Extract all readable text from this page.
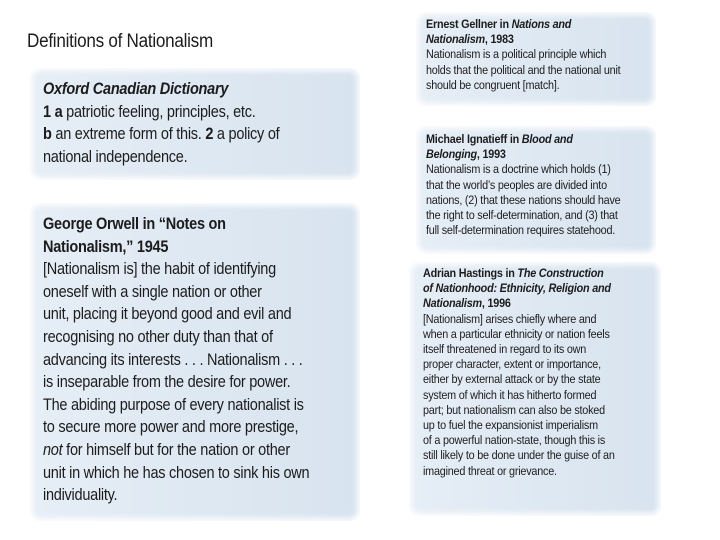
Definitions of Nationalism

Oxford Canadian Dictionary

1 a patriotic feeling, principles, etc.

b an extreme form of this. 2 a policy of

national independence.

George Orwell in “Notes on

Nationalism,” 1945

[Nationalism is] the habit of identifying

oneself with a single nation or other

unit, placing it beyond good and evil and

recognising no other duty than that of

advancing its interests . . . Nationalism . . .

is inseparable from the desire for power.

The abiding purpose of every nationalist is

to secure more power and more prestige,

not for himself but for the nation or other

unit in which he has chosen to sink his own

individuality.

Ernest Gellner in Nations and

Nationalism, 1983

Nationalism is a political principle which

holds that the political and the national unit

should be congruent [match].

Michael Ignatieff in Blood and

Belonging, 1993

Nationalism is a doctrine which holds (1)

that the world’s peoples are divided into

nations, (2) that these nations should have

the right to self-determination, and (3) that

full self-determination requires statehood.

Adrian Hastings in The Construction

of Nationhood: Ethnicity, Religion and

Nationalism, 1996

[Nationalism] arises chiefly where and

when a particular ethnicity or nation feels

itself threatened in regard to its own

proper character, extent or importance,

either by external attack or by the state

system of which it has hitherto formed

part; but nationalism can also be stoked

up to fuel the expansionist imperialism

of a powerful nation-state, though this is

still likely to be done under the guise of an

imagined threat or grievance.
